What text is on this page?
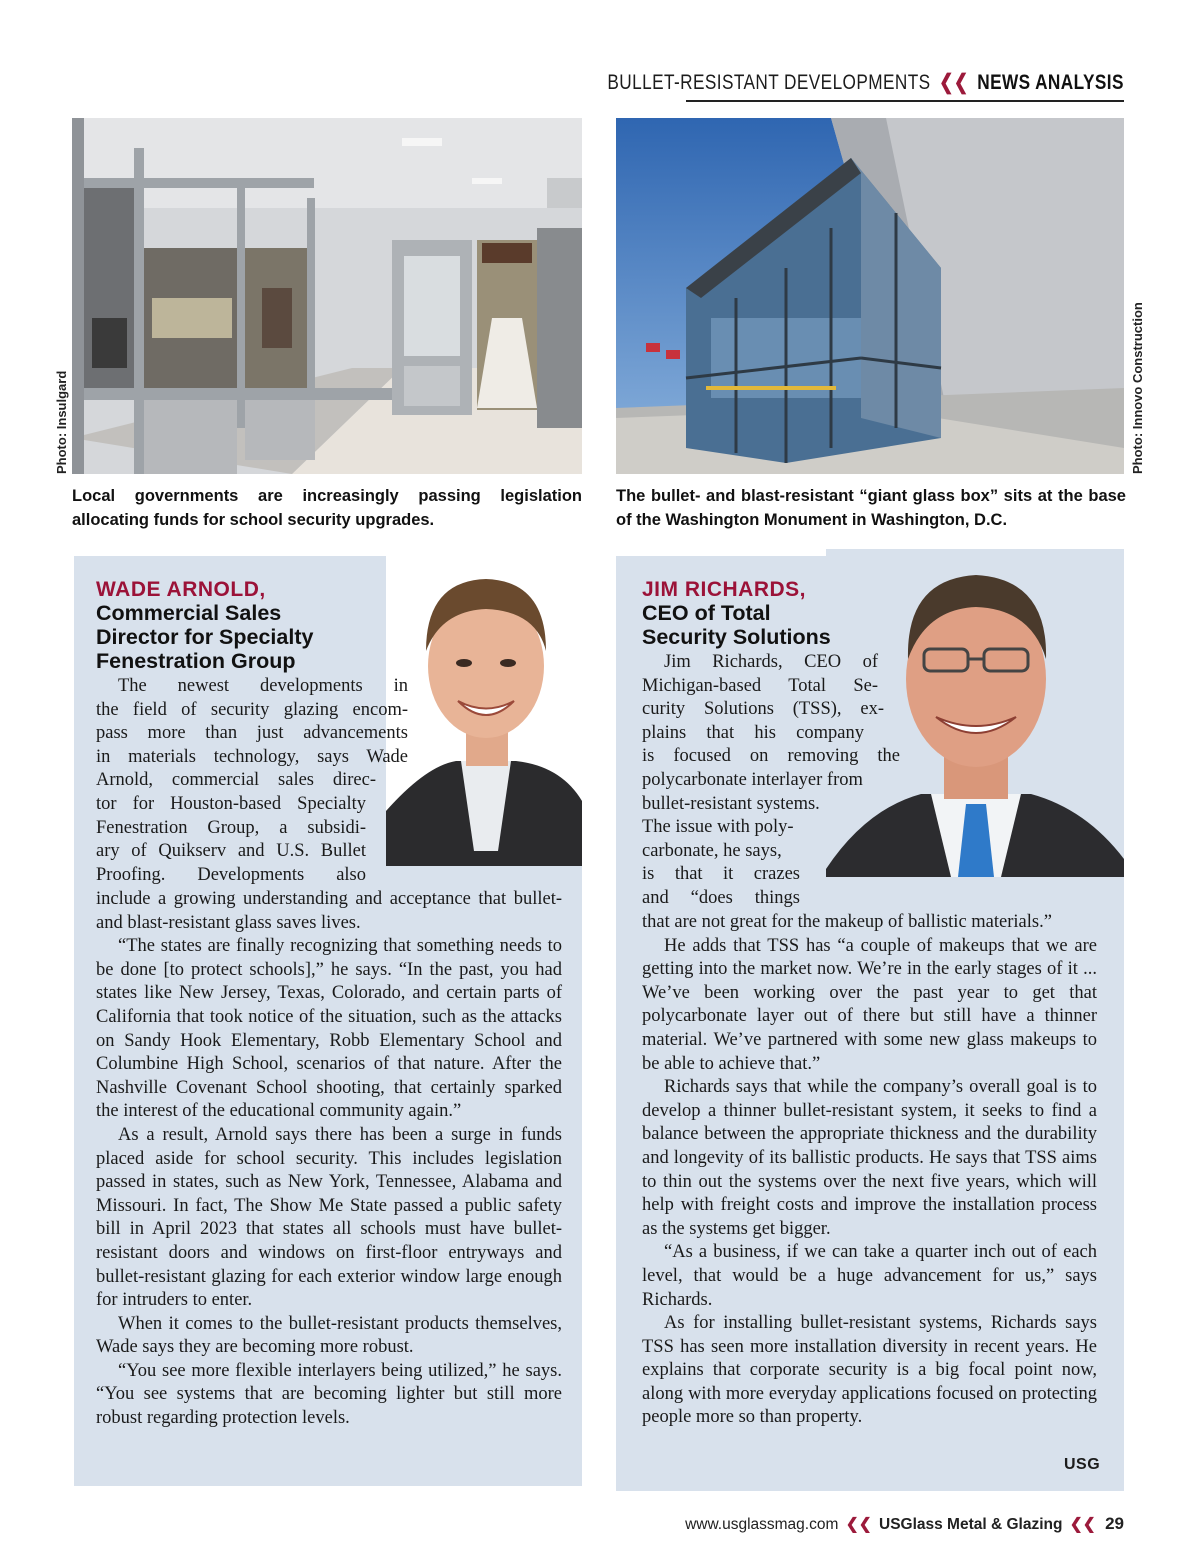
BULLET-RESISTANT DEVELOPMENTS ❮❮ NEWS ANALYSIS
Photo: Insulgard	Photo: Innovo Construction
Local governments are increasingly passing legislation allocating funds for school security upgrades.
The bullet- and blast-resistant “giant glass box” sits at the base of the Washington Monument in Washington, D.C.
WADE ARNOLD,
Commercial Sales
Director for Specialty
Fenestration Group
The newest developments in
the field of security glazing encom-
pass more than just advancements
in materials technology, says Wade
Arnold, commercial sales direc-
tor for Houston-based Specialty
Fenestration Group, a subsidi-
ary of Quikserv and U.S. Bullet
Proofing. Developments also

include a growing understanding and acceptance that bullet- and blast-resistant glass saves lives.

“The states are finally recognizing that something needs to be done [to protect schools],” he says. “In the past, you had states like New Jersey, Texas, Colorado, and certain parts of California that took notice of the situation, such as the attacks on Sandy Hook Elementary, Robb Elementary School and Columbine High School, scenarios of that nature. After the Nashville Covenant School shooting, that certainly sparked the interest of the educational community again.”

As a result, Arnold says there has been a surge in funds placed aside for school security. This includes legislation passed in states, such as New York, Tennessee, Alabama and Missouri. In fact, The Show Me State passed a public safety bill in April 2023 that states all schools must have bullet-resistant doors and windows on first-floor entryways and bullet-resistant glazing for each exterior window large enough for intruders to enter.

When it comes to the bullet-resistant products themselves, Wade says they are becoming more robust.

“You see more flexible interlayers being utilized,” he says. “You see systems that are becoming lighter but still more robust regarding protection levels.

JIM RICHARDS,
CEO of Total
Security Solutions
Jim Richards, CEO of
Michigan-based Total Se-
curity Solutions (TSS), ex-
plains that his company
is focused on removing the
polycarbonate interlayer from
bullet-resistant systems.
The issue with poly-
carbonate, he says,
is that it crazes
and “does things

that are not great for the makeup of ballistic materials.”

He adds that TSS has “a couple of makeups that we are getting into the market now. We’re in the early stages of it ... We’ve been working over the past year to get that polycarbonate layer out of there but still have a thinner material. We’ve partnered with some new glass makeups to be able to achieve that.”

Richards says that while the company’s overall goal is to develop a thinner bullet-resistant system, it seeks to find a balance between the appropriate thickness and the durability and longevity of its ballistic products. He says that TSS aims to thin out the systems over the next five years, which will help with freight costs and improve the installation process as the systems get bigger.

“As a business, if we can take a quarter inch out of each level, that would be a huge advancement for us,” says Richards.

As for installing bullet-resistant systems, Richards says TSS has seen more installation diversity in recent years. He explains that corporate security is a big focal point now, along with more everyday applications focused on protecting people more so than property.

USG
www.usglassmag.com ❮❮ USGlass Metal & Glazing ❮❮ 29
